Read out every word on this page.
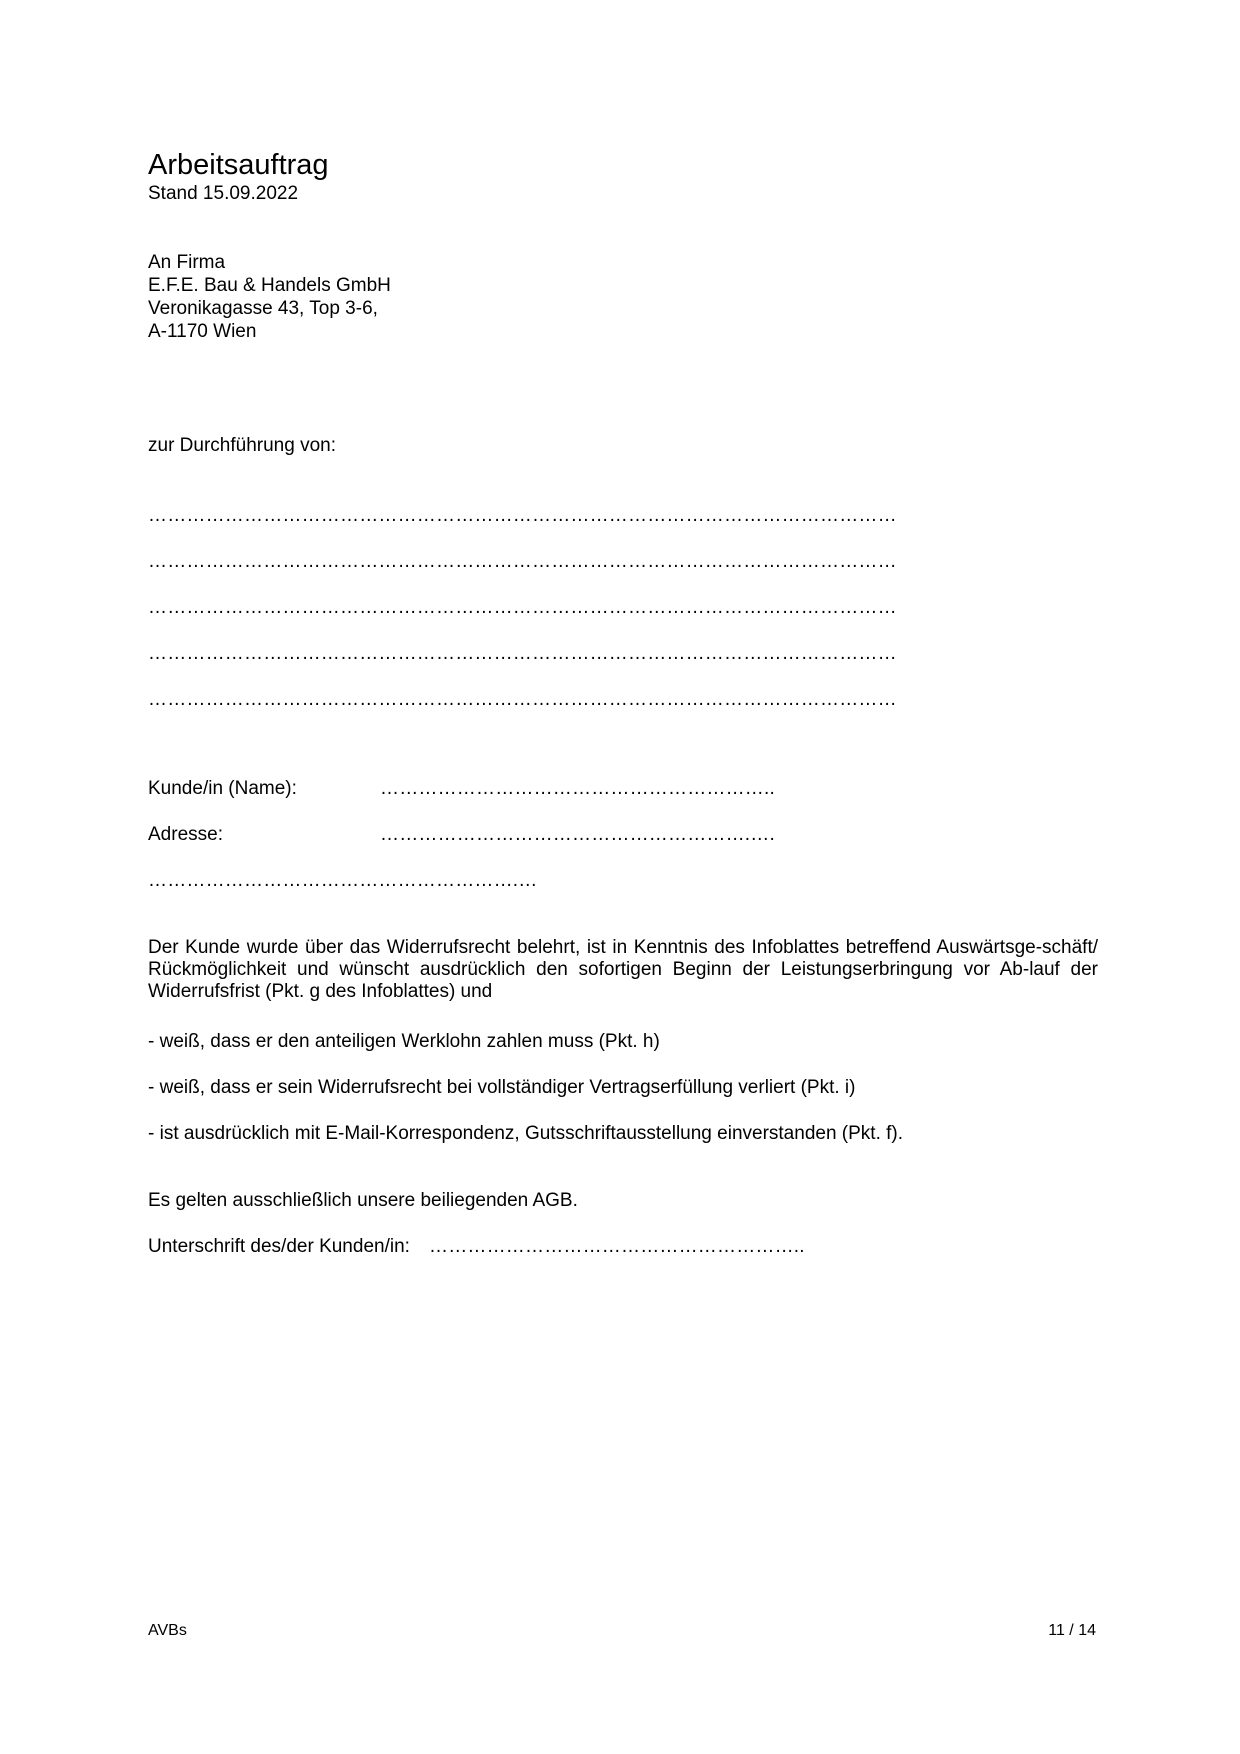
Arbeitsauftrag

Stand 15.09.2022

An Firma

E.F.E. Bau & Handels GmbH

Veronikagasse 43, Top 3-6,

A-1170 Wien

zur Durchführung von:

………………………………………………………………………………………………………

………………………………………………………………………………………………………

………………………………………………………………………………………………………

………………………………………………………………………………………………………

………………………………………………………………………………………………………

Kunde/in (Name):	……………………………………………………..

Adresse:	………………………………………………….….

………………………………………………….…

Der Kunde wurde über das Widerrufsrecht belehrt, ist in Kenntnis des Infoblattes betreffend Auswärtsge-schäft/ Rückmöglichkeit und wünscht ausdrücklich den sofortigen Beginn der Leistungserbringung vor Ab-lauf der Widerrufsfrist (Pkt. g des Infoblattes) und

- weiß, dass er den anteiligen Werklohn zahlen muss (Pkt. h)

- weiß, dass er sein Widerrufsrecht bei vollständiger Vertragserfüllung verliert (Pkt. i)

- ist ausdrücklich mit E-Mail-Korrespondenz, Gutsschriftausstellung einverstanden (Pkt. f).

Es gelten ausschließlich unsere beiliegenden AGB.

Unterschrift des/der Kunden/in: …………………………………………………..

AVBs	11 / 14
